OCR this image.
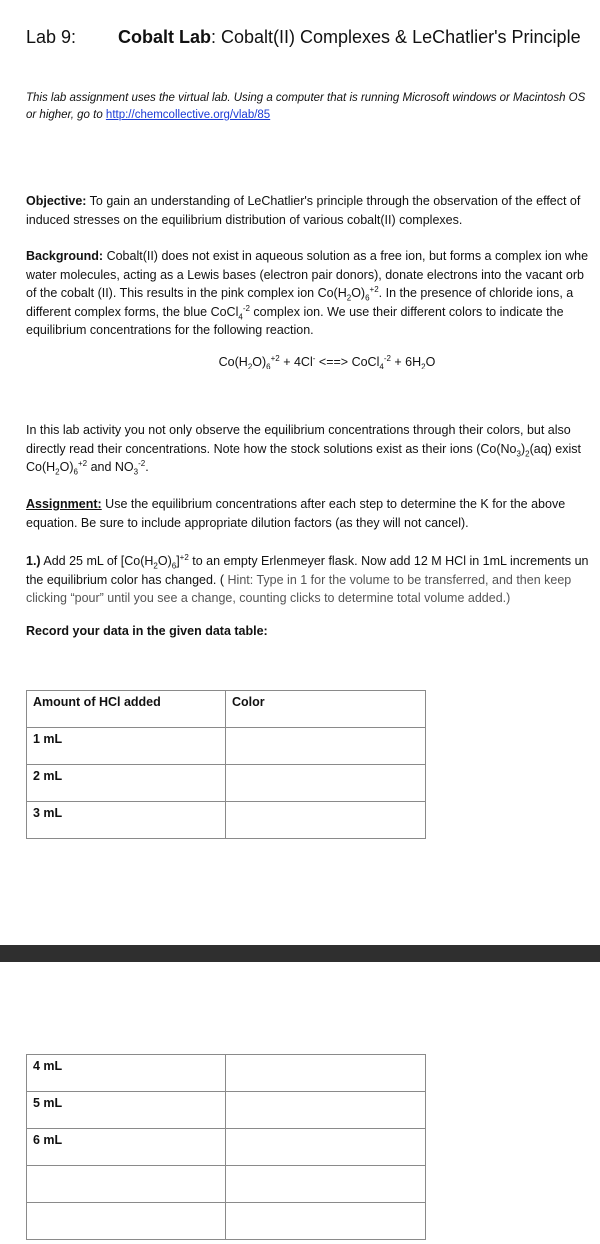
Lab 9: Cobalt Lab: Cobalt(II) Complexes & LeChatlier's Principle
This lab assignment uses the virtual lab. Using a computer that is running Microsoft windows or Macintosh OS
or higher, go to http://chemcollective.org/vlab/85
Objective: To gain an understanding of LeChatlier's principle through the observation of the effect of
induced stresses on the equilibrium distribution of various cobalt(II) complexes.
Background: Cobalt(II) does not exist in aqueous solution as a free ion, but forms a complex ion whe
water molecules, acting as a Lewis bases (electron pair donors), donate electrons into the vacant orb
of the cobalt (II). This results in the pink complex ion $Co(H_2O)_6^{+2}$. In the presence of chloride ions, a
different complex forms, the blue CoCl$_4^{-2}$ complex ion. We use their different colors to indicate the
equilibrium concentrations for the following reaction.
$Co(H_2O)_6^{+2} + 4Cl^-$ <==> CoCl$_4^{-2}$ + $6H_2O$
In this lab activity you not only observe the equilibrium concentrations through their colors, but also
directly read their concentrations. Note how the stock solutions exist as their ions ($Co(No_3)_2(aq)$ exist
$Co(H_2O)_6^{+2}$ and $NO_3^{-2}$.
Assignment: Use the equilibrium concentrations after each step to determine the K for the above
equation. Be sure to include appropriate dilution factors (as they will not cancel).
1.) Add 25 mL of $[Co(H_2O)_6]^{+2}$ to an empty Erlenmeyer flask. Now add 12 M HCl in 1mL increments un
the equilibrium color has changed. ( Hint: Type in 1 for the volume to be transferred, and then keep
clicking “pour” until you see a change, counting clicks to determine total volume added.)
Record your data in the given data table:
Amount of HCl added	Color
1 mL	
2 mL	
3 mL	
4 mL	
5 mL	
6 mL	
